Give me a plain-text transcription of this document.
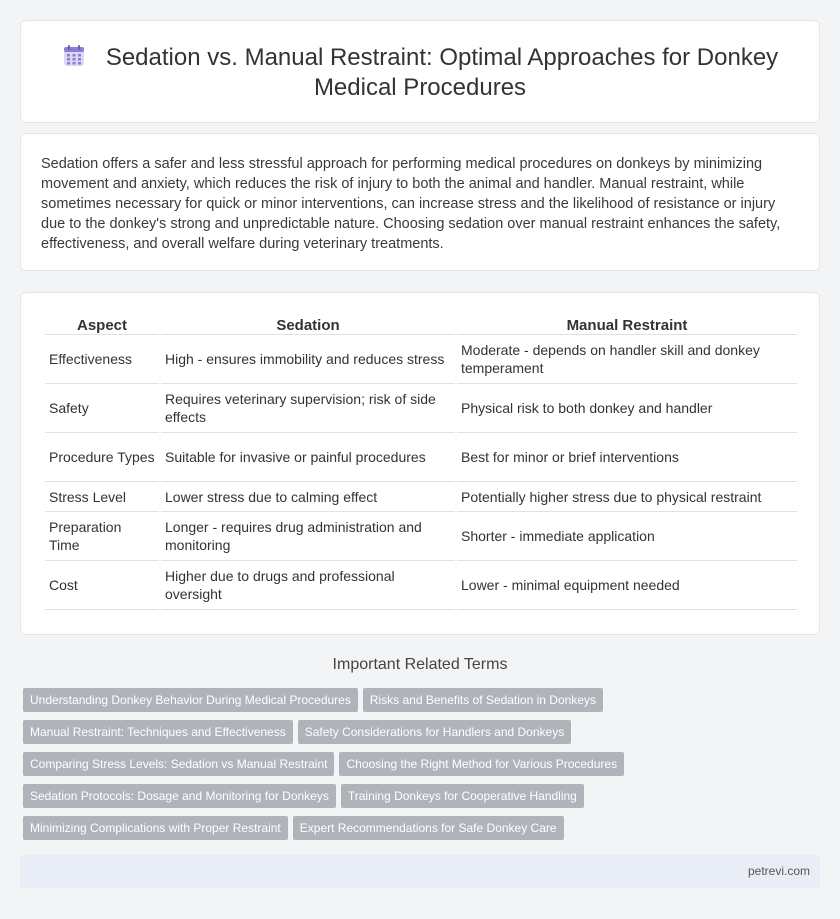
Sedation vs. Manual Restraint: Optimal Approaches for Donkey Medical Procedures

Sedation offers a safer and less stressful approach for performing medical procedures on donkeys by minimizing movement and anxiety, which reduces the risk of injury to both the animal and handler. Manual restraint, while sometimes necessary for quick or minor interventions, can increase stress and the likelihood of resistance or injury due to the donkey's strong and unpredictable nature. Choosing sedation over manual restraint enhances the safety, effectiveness, and overall welfare during veterinary treatments.

Aspect	Sedation	Manual Restraint
Effectiveness	High - ensures immobility and reduces stress	Moderate - depends on handler skill and donkey temperament
Safety	Requires veterinary supervision; risk of side effects	Physical risk to both donkey and handler
Procedure Types	Suitable for invasive or painful procedures	Best for minor or brief interventions
Stress Level	Lower stress due to calming effect	Potentially higher stress due to physical restraint
Preparation Time	Longer - requires drug administration and monitoring	Shorter - immediate application
Cost	Higher due to drugs and professional oversight	Lower - minimal equipment needed
Important Related Terms
Understanding Donkey Behavior During Medical Procedures Risks and Benefits of Sedation in Donkeys
Manual Restraint: Techniques and Effectiveness Safety Considerations for Handlers and Donkeys
Comparing Stress Levels: Sedation vs Manual Restraint Choosing the Right Method for Various Procedures
Sedation Protocols: Dosage and Monitoring for Donkeys Training Donkeys for Cooperative Handling
Minimizing Complications with Proper Restraint Expert Recommendations for Safe Donkey Care
petrevi.com
